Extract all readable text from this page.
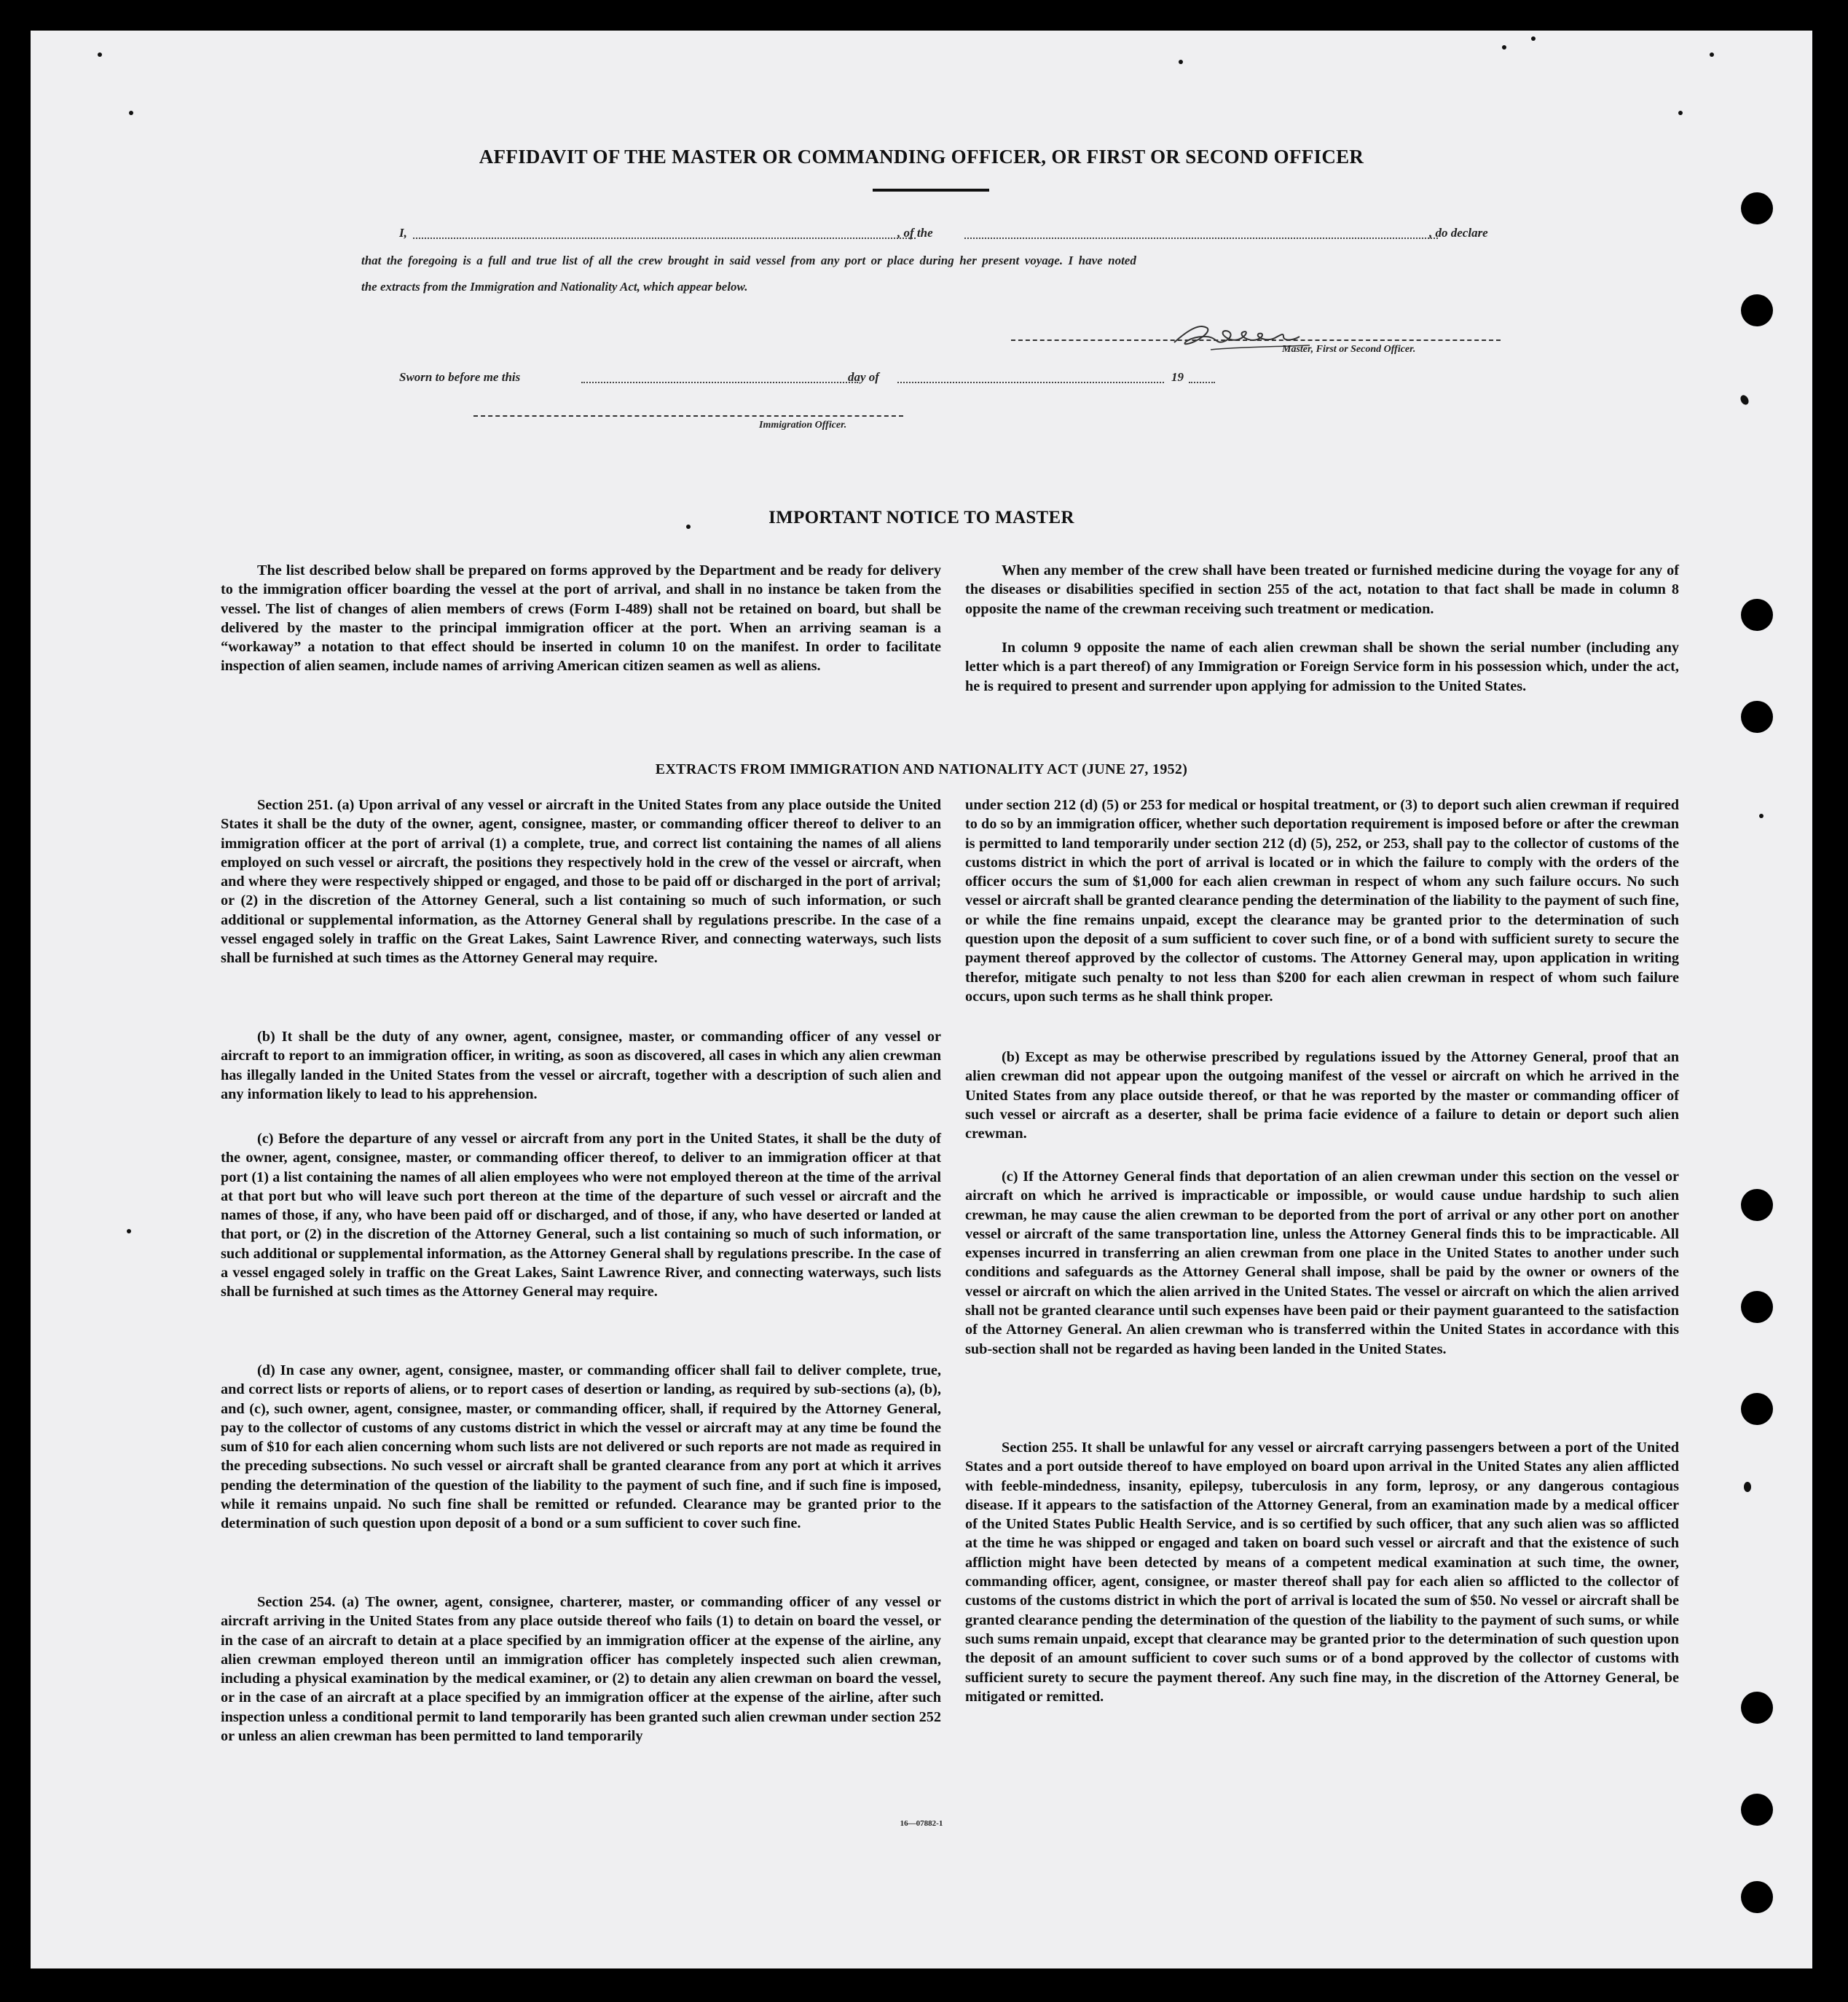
AFFIDAVIT OF THE MASTER OR COMMANDING OFFICER, OR FIRST OR SECOND OFFICER
I,	, of the	, do declare
that the foregoing is a full and true list of all the crew brought in said vessel from any port or place during her present voyage. I have noted
the extracts from the Immigration and Nationality Act, which appear below.
Master, First or Second Officer.
Sworn to before me this	day of	19
Immigration Officer.
IMPORTANT NOTICE TO MASTER
The list described below shall be prepared on forms approved by the Department and be ready for delivery to the immigration officer boarding the vessel at the port of arrival, and shall in no instance be taken from the vessel. The list of changes of alien members of crews (Form I-489) shall not be retained on board, but shall be delivered by the master to the principal immigration officer at the port. When an arriving seaman is a “workaway” a notation to that effect should be inserted in column 10 on the manifest. In order to facilitate inspection of alien seamen, include names of arriving American citizen seamen as well as aliens.
When any member of the crew shall have been treated or furnished medicine during the voyage for any of the diseases or disabilities specified in section 255 of the act, notation to that fact shall be made in column 8 opposite the name of the crewman receiving such treatment or medication.
In column 9 opposite the name of each alien crewman shall be shown the serial number (including any letter which is a part thereof) of any Immigration or Foreign Service form in his possession which, under the act, he is required to present and surrender upon applying for admission to the United States.
EXTRACTS FROM IMMIGRATION AND NATIONALITY ACT (JUNE 27, 1952)
Section 251. (a) Upon arrival of any vessel or aircraft in the United States from any place outside the United States it shall be the duty of the owner, agent, consignee, master, or commanding officer thereof to deliver to an immigration officer at the port of arrival (1) a complete, true, and correct list containing the names of all aliens employed on such vessel or aircraft, the positions they respectively hold in the crew of the vessel or aircraft, when and where they were respectively shipped or engaged, and those to be paid off or discharged in the port of arrival; or (2) in the discretion of the Attorney General, such a list containing so much of such information, or such additional or supplemental information, as the Attorney General shall by regulations prescribe. In the case of a vessel engaged solely in traffic on the Great Lakes, Saint Lawrence River, and connecting waterways, such lists shall be furnished at such times as the Attorney General may require.
(b) It shall be the duty of any owner, agent, consignee, master, or commanding officer of any vessel or aircraft to report to an immigration officer, in writing, as soon as discovered, all cases in which any alien crewman has illegally landed in the United States from the vessel or aircraft, together with a description of such alien and any information likely to lead to his apprehension.
(c) Before the departure of any vessel or aircraft from any port in the United States, it shall be the duty of the owner, agent, consignee, master, or commanding officer thereof, to deliver to an immigration officer at that port (1) a list containing the names of all alien employees who were not employed thereon at the time of the arrival at that port but who will leave such port thereon at the time of the departure of such vessel or aircraft and the names of those, if any, who have been paid off or discharged, and of those, if any, who have deserted or landed at that port, or (2) in the discretion of the Attorney General, such a list containing so much of such information, or such additional or supplemental information, as the Attorney General shall by regulations prescribe. In the case of a vessel engaged solely in traffic on the Great Lakes, Saint Lawrence River, and connecting waterways, such lists shall be furnished at such times as the Attorney General may require.
(d) In case any owner, agent, consignee, master, or commanding officer shall fail to deliver complete, true, and correct lists or reports of aliens, or to report cases of desertion or landing, as required by sub-sections (a), (b), and (c), such owner, agent, consignee, master, or commanding officer, shall, if required by the Attorney General, pay to the collector of customs of any customs district in which the vessel or aircraft may at any time be found the sum of $10 for each alien concerning whom such lists are not delivered or such reports are not made as required in the preceding subsections. No such vessel or aircraft shall be granted clearance from any port at which it arrives pending the determination of the question of the liability to the payment of such fine, and if such fine is imposed, while it remains unpaid. No such fine shall be remitted or refunded. Clearance may be granted prior to the determination of such question upon deposit of a bond or a sum sufficient to cover such fine.
Section 254. (a) The owner, agent, consignee, charterer, master, or commanding officer of any vessel or aircraft arriving in the United States from any place outside thereof who fails (1) to detain on board the vessel, or in the case of an aircraft to detain at a place specified by an immigration officer at the expense of the airline, any alien crewman employed thereon until an immigration officer has completely inspected such alien crewman, including a physical examination by the medical examiner, or (2) to detain any alien crewman on board the vessel, or in the case of an aircraft at a place specified by an immigration officer at the expense of the airline, after such inspection unless a conditional permit to land temporarily has been granted such alien crewman under section 252 or unless an alien crewman has been permitted to land temporarily
under section 212 (d) (5) or 253 for medical or hospital treatment, or (3) to deport such alien crewman if required to do so by an immigration officer, whether such deportation requirement is imposed before or after the crewman is permitted to land temporarily under section 212 (d) (5), 252, or 253, shall pay to the collector of customs of the customs district in which the port of arrival is located or in which the failure to comply with the orders of the officer occurs the sum of $1,000 for each alien crewman in respect of whom any such failure occurs. No such vessel or aircraft shall be granted clearance pending the determination of the liability to the payment of such fine, or while the fine remains unpaid, except the clearance may be granted prior to the determination of such question upon the deposit of a sum sufficient to cover such fine, or of a bond with sufficient surety to secure the payment thereof approved by the collector of customs. The Attorney General may, upon application in writing therefor, mitigate such penalty to not less than $200 for each alien crewman in respect of whom such failure occurs, upon such terms as he shall think proper.
(b) Except as may be otherwise prescribed by regulations issued by the Attorney General, proof that an alien crewman did not appear upon the outgoing manifest of the vessel or aircraft on which he arrived in the United States from any place outside thereof, or that he was reported by the master or commanding officer of such vessel or aircraft as a deserter, shall be prima facie evidence of a failure to detain or deport such alien crewman.
(c) If the Attorney General finds that deportation of an alien crewman under this section on the vessel or aircraft on which he arrived is impracticable or impossible, or would cause undue hardship to such alien crewman, he may cause the alien crewman to be deported from the port of arrival or any other port on another vessel or aircraft of the same transportation line, unless the Attorney General finds this to be impracticable. All expenses incurred in transferring an alien crewman from one place in the United States to another under such conditions and safeguards as the Attorney General shall impose, shall be paid by the owner or owners of the vessel or aircraft on which the alien arrived in the United States. The vessel or aircraft on which the alien arrived shall not be granted clearance until such expenses have been paid or their payment guaranteed to the satisfaction of the Attorney General. An alien crewman who is transferred within the United States in accordance with this sub-section shall not be regarded as having been landed in the United States.
Section 255. It shall be unlawful for any vessel or aircraft carrying passengers between a port of the United States and a port outside thereof to have employed on board upon arrival in the United States any alien afflicted with feeble-mindedness, insanity, epilepsy, tuberculosis in any form, leprosy, or any dangerous contagious disease. If it appears to the satisfaction of the Attorney General, from an examination made by a medical officer of the United States Public Health Service, and is so certified by such officer, that any such alien was so afflicted at the time he was shipped or engaged and taken on board such vessel or aircraft and that the existence of such affliction might have been detected by means of a competent medical examination at such time, the owner, commanding officer, agent, consignee, or master thereof shall pay for each alien so afflicted to the collector of customs of the customs district in which the port of arrival is located the sum of $50. No vessel or aircraft shall be granted clearance pending the determination of the question of the liability to the payment of such sums, or while such sums remain unpaid, except that clearance may be granted prior to the determination of such question upon the deposit of an amount sufficient to cover such sums or of a bond approved by the collector of customs with sufficient surety to secure the payment thereof. Any such fine may, in the discretion of the Attorney General, be mitigated or remitted.
16—07882-1
